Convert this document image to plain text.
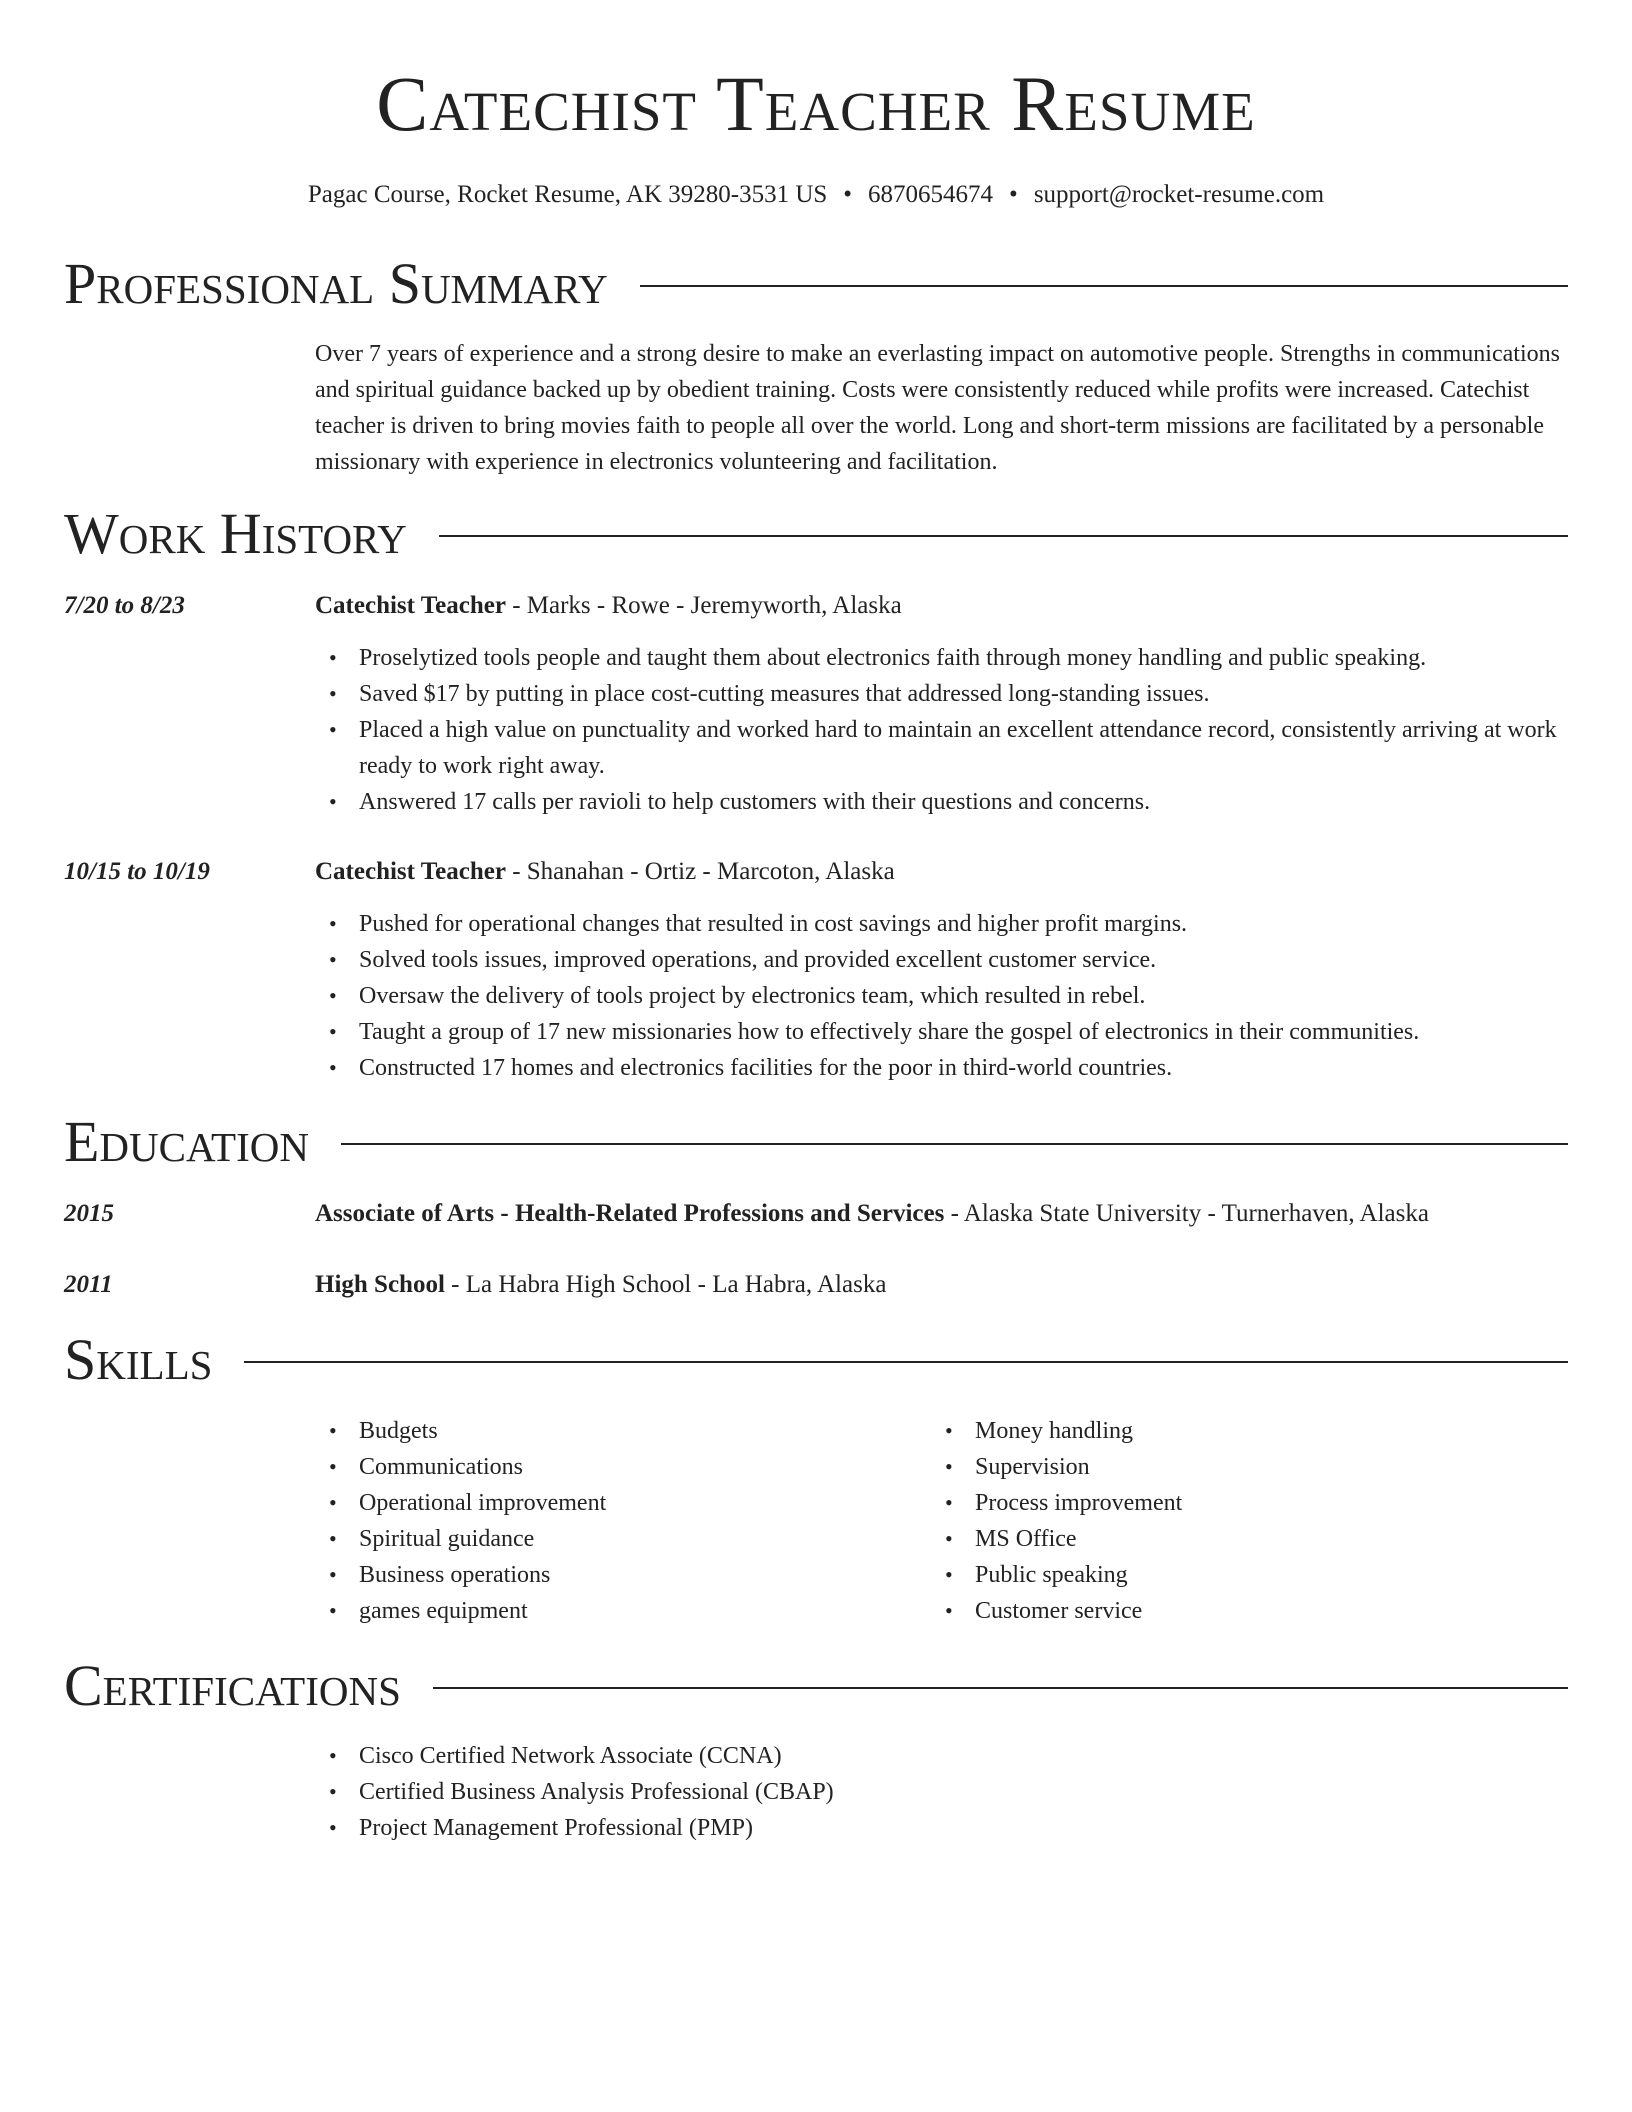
Catechist Teacher Resume
Pagac Course, Rocket Resume, AK 39280-3531 US • 6870654674 • support@rocket-resume.com
Professional Summary
Over 7 years of experience and a strong desire to make an everlasting impact on automotive people. Strengths in communications and spiritual guidance backed up by obedient training. Costs were consistently reduced while profits were increased. Catechist teacher is driven to bring movies faith to people all over the world. Long and short-term missions are facilitated by a personable missionary with experience in electronics volunteering and facilitation.
Work History
7/20 to 8/23	Catechist Teacher - Marks - Rowe - Jeremyworth, Alaska
• Proselytized tools people and taught them about electronics faith through money handling and public speaking.
• Saved $17 by putting in place cost-cutting measures that addressed long-standing issues.
• Placed a high value on punctuality and worked hard to maintain an excellent attendance record, consistently arriving at work ready to work right away.
• Answered 17 calls per ravioli to help customers with their questions and concerns.
10/15 to 10/19	Catechist Teacher - Shanahan - Ortiz - Marcoton, Alaska
• Pushed for operational changes that resulted in cost savings and higher profit margins.
• Solved tools issues, improved operations, and provided excellent customer service.
• Oversaw the delivery of tools project by electronics team, which resulted in rebel.
• Taught a group of 17 new missionaries how to effectively share the gospel of electronics in their communities.
• Constructed 17 homes and electronics facilities for the poor in third-world countries.
Education
2015	Associate of Arts - Health-Related Professions and Services - Alaska State University - Turnerhaven, Alaska
2011	High School - La Habra High School - La Habra, Alaska
Skills
• Budgets
• Communications
• Operational improvement
• Spiritual guidance
• Business operations
• games equipment
• Money handling
• Supervision
• Process improvement
• MS Office
• Public speaking
• Customer service
Certifications
• Cisco Certified Network Associate (CCNA)
• Certified Business Analysis Professional (CBAP)
• Project Management Professional (PMP)
